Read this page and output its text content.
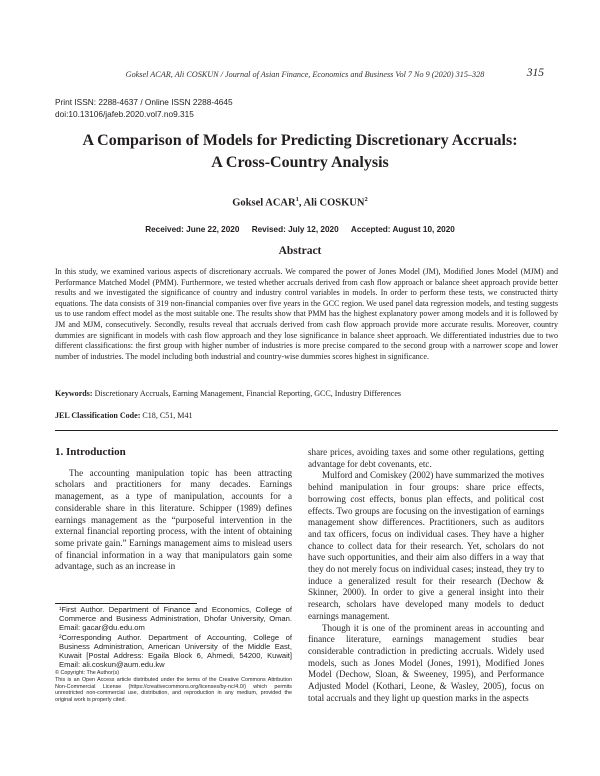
Goksel ACAR, Ali COSKUN / Journal of Asian Finance, Economics and Business Vol 7 No 9 (2020) 315–328	315
Print ISSN: 2288-4637 / Online ISSN 2288-4645
doi:10.13106/jafeb.2020.vol7.no9.315
A Comparison of Models for Predicting Discretionary Accruals:
A Cross-Country Analysis
Goksel ACAR$^1$, Ali COSKUN$^2$
Received: June 22, 2020 Revised: July 12, 2020 Accepted: August 10, 2020
Abstract
In this study, we examined various aspects of discretionary accruals. We compared the power of Jones Model (JM), Modified Jones Model (MJM) and Performance Matched Model (PMM). Furthermore, we tested whether accruals derived from cash flow approach or balance sheet approach provide better results and we investigated the significance of country and industry control variables in models. In order to perform these tests, we constructed thirty equations. The data consists of 319 non-financial companies over five years in the GCC region. We used panel data regression models, and testing suggests us to use random effect model as the most suitable one. The results show that PMM has the highest explanatory power among models and it is followed by JM and MJM, consecutively. Secondly, results reveal that accruals derived from cash flow approach provide more accurate results. Moreover, country dummies are significant in models with cash flow approach and they lose significance in balance sheet approach. We differentiated industries due to two different classifications: the first group with higher number of industries is more precise compared to the second group with a narrower scope and lower number of industries. The model including both industrial and country-wise dummies scores highest in significance.
Keywords: Discretionary Accruals, Earning Management, Financial Reporting, GCC, Industry Differences
JEL Classification Code: C18, C51, M41
1. Introduction

The accounting manipulation topic has been attracting scholars and practitioners for many decades. Earnings management, as a type of manipulation, accounts for a considerable share in this literature. Schipper (1989) defines earnings management as the “purposeful intervention in the external financial reporting process, with the intent of obtaining some private gain.” Earnings management aims to mislead users of financial information in a way that manipulators gain some advantage, such as an increase in

share prices, avoiding taxes and some other regulations, getting advantage for debt covenants, etc.

Mulford and Comiskey (2002) have summarized the motives behind manipulation in four groups: share price effects, borrowing cost effects, bonus plan effects, and political cost effects. Two groups are focusing on the investigation of earnings management show differences. Practitioners, such as auditors and tax officers, focus on individual cases. They have a higher chance to collect data for their research. Yet, scholars do not have such opportunities, and their aim also differs in a way that they do not merely focus on individual cases; instead, they try to induce a generalized result for their research (Dechow & Skinner, 2000). In order to give a general insight into their research, scholars have developed many models to deduct earnings management.

Though it is one of the prominent areas in accounting and finance literature, earnings management studies bear considerable contradiction in predicting accruals. Widely used models, such as Jones Model (Jones, 1991), Modified Jones Model (Dechow, Sloan, & Sweeney, 1995), and Performance Adjusted Model (Kothari, Leone, & Wasley, 2005), focus on total accruals and they light up question marks in the aspects

¹First Author. Department of Finance and Economics, College of Commerce and Business Administration, Dhofar University, Oman. Email: gacar@du.edu.om
²Corresponding Author. Department of Accounting, College of Business Administration, American University of the Middle East, Kuwait [Postal Address: Egaila Block 6, Ahmedi, 54200, Kuwait] Email: ali.coskun@aum.edu.kw
© Copyright: The Author(s)
This is an Open Access article distributed under the terms of the Creative Commons Attribution Non-Commercial License (https://creativecommons.org/licenses/by-nc/4.0/) which permits unrestricted non-commercial use, distribution, and reproduction in any medium, provided the original work is properly cited.
